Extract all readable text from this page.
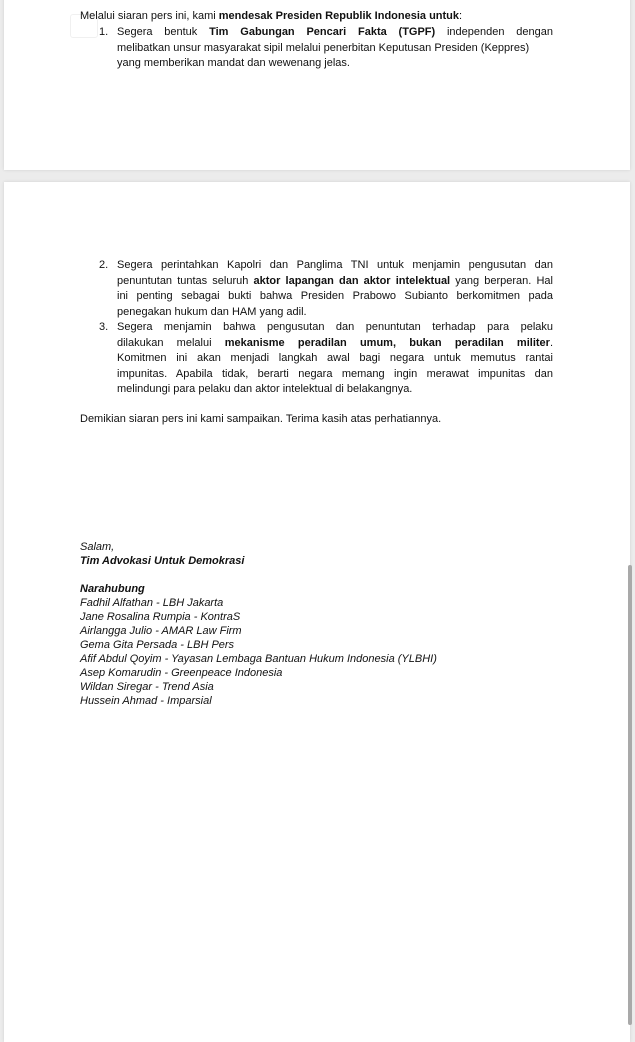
Melalui siaran pers ini, kami mendesak Presiden Republik Indonesia untuk:

1. Segera bentuk Tim Gabungan Pencari Fakta (TGPF) independen dengan
melibatkan unsur masyarakat sipil melalui penerbitan Keputusan Presiden (Keppres)
yang memberikan mandat dan wewenang jelas.
2. Segera perintahkan Kapolri dan Panglima TNI untuk menjamin pengusutan dan
penuntutan tuntas seluruh aktor lapangan dan aktor intelektual yang berperan. Hal
ini penting sebagai bukti bahwa Presiden Prabowo Subianto berkomitmen pada
penegakan hukum dan HAM yang adil.
3. Segera menjamin bahwa pengusutan dan penuntutan terhadap para pelaku
dilakukan melalui mekanisme peradilan umum, bukan peradilan militer.
Komitmen ini akan menjadi langkah awal bagi negara untuk memutus rantai
impunitas. Apabila tidak, berarti negara memang ingin merawat impunitas dan
melindungi para pelaku dan aktor intelektual di belakangnya.

Demikian siaran pers ini kami sampaikan. Terima kasih atas perhatiannya.

Salam,

Tim Advokasi Untuk Demokrasi

Narahubung

Fadhil Alfathan - LBH Jakarta
Jane Rosalina Rumpia - KontraS
Airlangga Julio - AMAR Law Firm
Gema Gita Persada - LBH Pers
Afif Abdul Qoyim - Yayasan Lembaga Bantuan Hukum Indonesia (YLBHI)
Asep Komarudin - Greenpeace Indonesia
Wildan Siregar - Trend Asia
Hussein Ahmad - Imparsial
